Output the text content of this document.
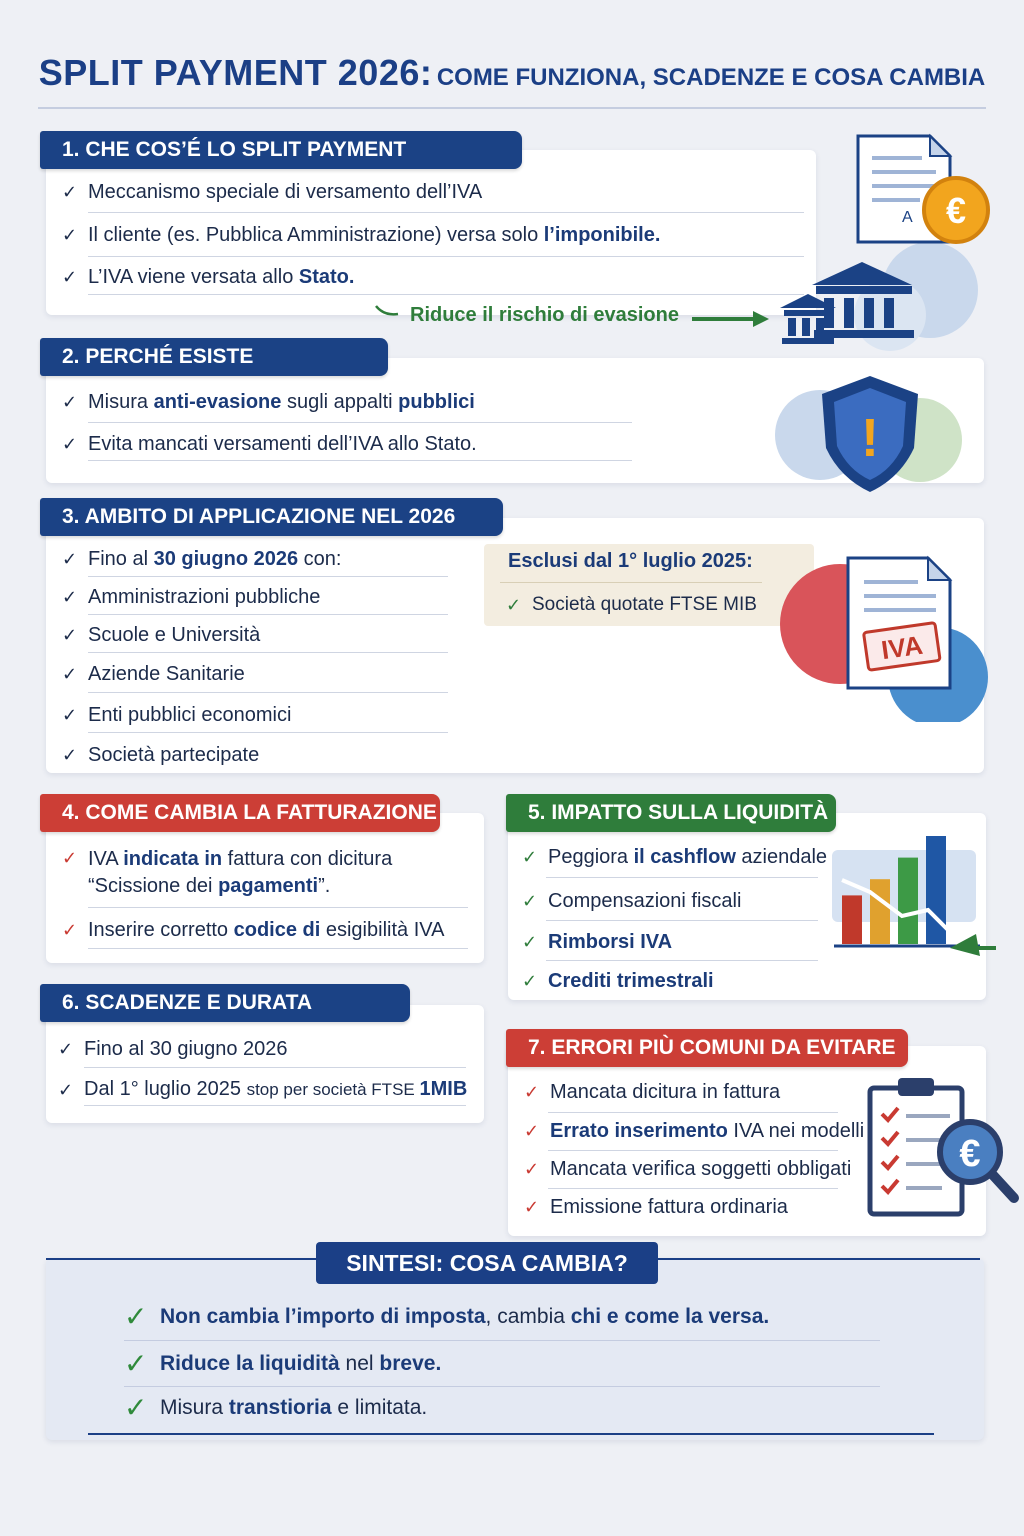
SPLIT PAYMENT 2026: COME FUNZIONA, SCADENZE E COSA CAMBIA
1. CHE COS’É LO SPLIT PAYMENT
✓ Meccanismo speciale di versamento dell’IVA
✓ Il cliente (es. Pubblica Amministrazione) versa solo l’imponibile.
✓ L’IVA viene versata allo Stato.
Riduce il rischio di evasione
A €
2. PERCHÉ ESISTE
✓ Misura anti-evasione sugli appalti pubblici
✓ Evita mancati versamenti dell’IVA allo Stato.	!
3. AMBITO DI APPLICAZIONE NEL 2026
✓ Fino al 30 giugno 2026 con:
✓ Amministrazioni pubbliche
✓ Scuole e Università
✓ Aziende Sanitarie
✓ Enti pubblici economici
✓ Società partecipate
Esclusi dal 1° luglio 2025:
✓ Società quotate FTSE MIB
IVA
4. COME CAMBIA LA FATTURAZIONE
✓ IVA indicata in fattura con dicitura
“Scissione dei pagamenti”.
✓ Inserire corretto codice di esigibilità IVA
5. IMPATTO SULLA LIQUIDITÀ
✓ Peggiora il cashflow aziendale
✓ Compensazioni fiscali
✓ Rimborsi IVA
✓ Crediti trimestrali
6. SCADENZE E DURATA
✓ Fino al 30 giugno 2026
✓ Dal 1° luglio 2025 stop per società FTSE 1MIB
7. ERRORI PIÙ COMUNI DA EVITARE
✓ Mancata dicitura in fattura
✓ Errato inserimento IVA nei modelli
✓ Mancata verifica soggetti obbligati
✓ Emissione fattura ordinaria
€
SINTESI: COSA CAMBIA?
✓ Non cambia l’importo di imposta, cambia chi e come la versa.
✓ Riduce la liquidità nel breve.
✓ Misura transtioria e limitata.
